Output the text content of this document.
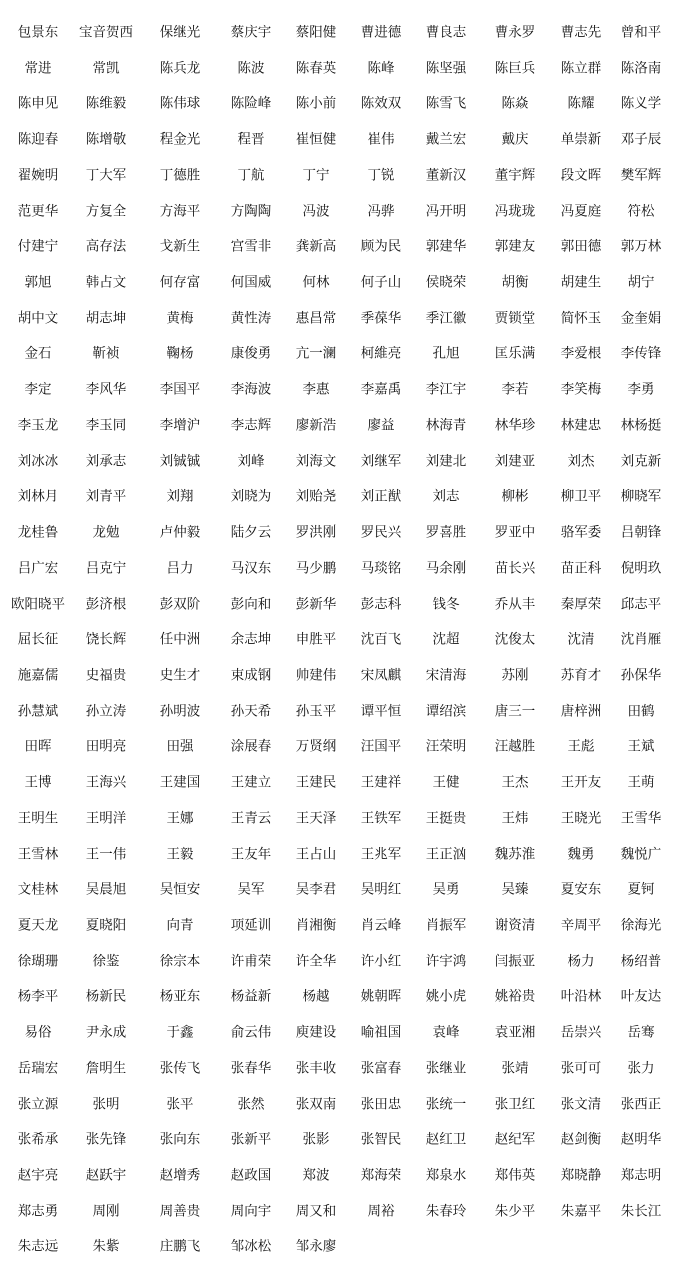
包景东 宝音贺西 保继光 蔡庆宇 蔡阳健 曹进德 曹良志 曹永罗 曹志先 曾和平
常进	常凯	陈兵龙	陈波 陈春英 陈峰 陈坚强 陈巨兵 陈立群 陈洛南
陈申见 陈维毅 陈伟球 陈险峰 陈小前 陈效双 陈雪飞	陈焱	陈耀 陈义学
陈迎春 陈增敬 程金光	程晋 崔恒健 崔伟 戴兰宏	戴庆 单崇新 邓子辰
翟婉明 丁大军 丁德胜	丁航	丁宁	丁锐 董新汉 董宇辉 段文晖 樊军辉
范更华 方复全 方海平 方陶陶 冯波	冯骅 冯开明 冯珑珑 冯夏庭 符松
付建宁 高存法 戈新生 宫雪非 龚新高 顾为民 郭建华 郭建友 郭田德 郭万林
郭旭	韩占文 何存富 何国威 何林 何子山 侯晓荣	胡衡 胡建生 胡宁
胡中文 胡志坤	黄梅	黄性涛 惠昌常 季葆华 季江徽 贾锁堂 简怀玉 金奎娟
金石	靳祯	鞠杨	康俊勇 亢一澜 柯維亮 孔旭	匡乐满 李爱根 李传锋
李定	李风华 李国平 李海波 李惠 李嘉禹 李江宇	李若 李笑梅 李勇
李玉龙 李玉同 李增沪 李志辉 廖新浩 廖益 林海青 林华珍 林建忠 林杨挺
刘冰冰 刘承志 刘铖铖	刘峰 刘海文 刘继军 刘建北 刘建亚 刘杰 刘克新
刘林月 刘青平	刘翔	刘晓为 刘贻尧 刘正猷 刘志	柳彬 柳卫平 柳晓军
龙桂鲁	龙勉	卢仲毅 陆夕云 罗洪刚 罗民兴 罗喜胜 罗亚中 骆军委 吕朝锋
吕广宏 吕克宁	吕力	马汉东 马少鹏 马琰铭 马余刚 苗长兴 苗正科 倪明玖
欧阳晓平 彭济根 彭双阶 彭向和 彭新华 彭志科 钱冬	乔从丰 秦厚荣 邱志平
屈长征 饶长辉 任中洲 余志坤 申胜平 沈百飞 沈超	沈俊太 沈清 沈肖雁
施嘉儒 史福贵 史生才 束成钢 帅建伟 宋凤麒 宋清海	苏刚 苏育才 孙保华
孙慧斌 孙立涛 孙明波 孙天希 孙玉平 谭平恒 谭绍滨 唐三一 唐梓洲 田鹤
田晖	田明亮	田强	涂展春 万贤纲 汪国平 汪荣明 汪越胜 王彪 王斌
王博	王海兴 王建国 王建立 王建民 王建祥 王健	王杰 王开友 王萌
王明生 王明洋	王娜	王青云 王天泽 王铁军 王挺贵	王炜 王晓光 王雪华
王雪林 王一伟	王毅	王友年 王占山 王兆军 王正汹 魏苏淮 魏勇 魏悦广
文桂林 吴晨旭 吴恒安	吴军 吴李君 吴明红 吴勇	吴臻 夏安东 夏钶
夏天龙 夏晓阳	向青	项延训 肖湘衡 肖云峰 肖振军 谢资清 辛周平 徐海光
徐瑚珊	徐鉴	徐宗本 许甫荣 许全华 许小红 许宇鸿 闫振亚 杨力 杨绍普
杨李平 杨新民 杨亚东 杨益新 杨越 姚朝晖 姚小虎 姚裕贵 叶沿林 叶友达
易俗	尹永成	于鑫	俞云伟 庾建设 喻祖国 袁峰	袁亚湘 岳崇兴 岳骞
岳瑞宏 詹明生 张传飞 张春华 张丰收 张富春 张继业	张靖 张可可 张力
张立源	张明	张平	张然 张双南 张田忠 张统一 张卫红 张文清 张西正
张希承 张先锋 张向东 张新平 张影 张智民 赵红卫 赵纪军 赵剑衡 赵明华
赵宇亮 赵跃宇 赵增秀 赵政国 郑波 郑海荣 郑泉水 郑伟英 郑晓静 郑志明
郑志勇	周刚	周善贵 周向宇 周又和 周裕 朱春玲 朱少平 朱嘉平 朱长江
朱志远	朱紫	庄鹏飞 邹冰松 邹永廖
